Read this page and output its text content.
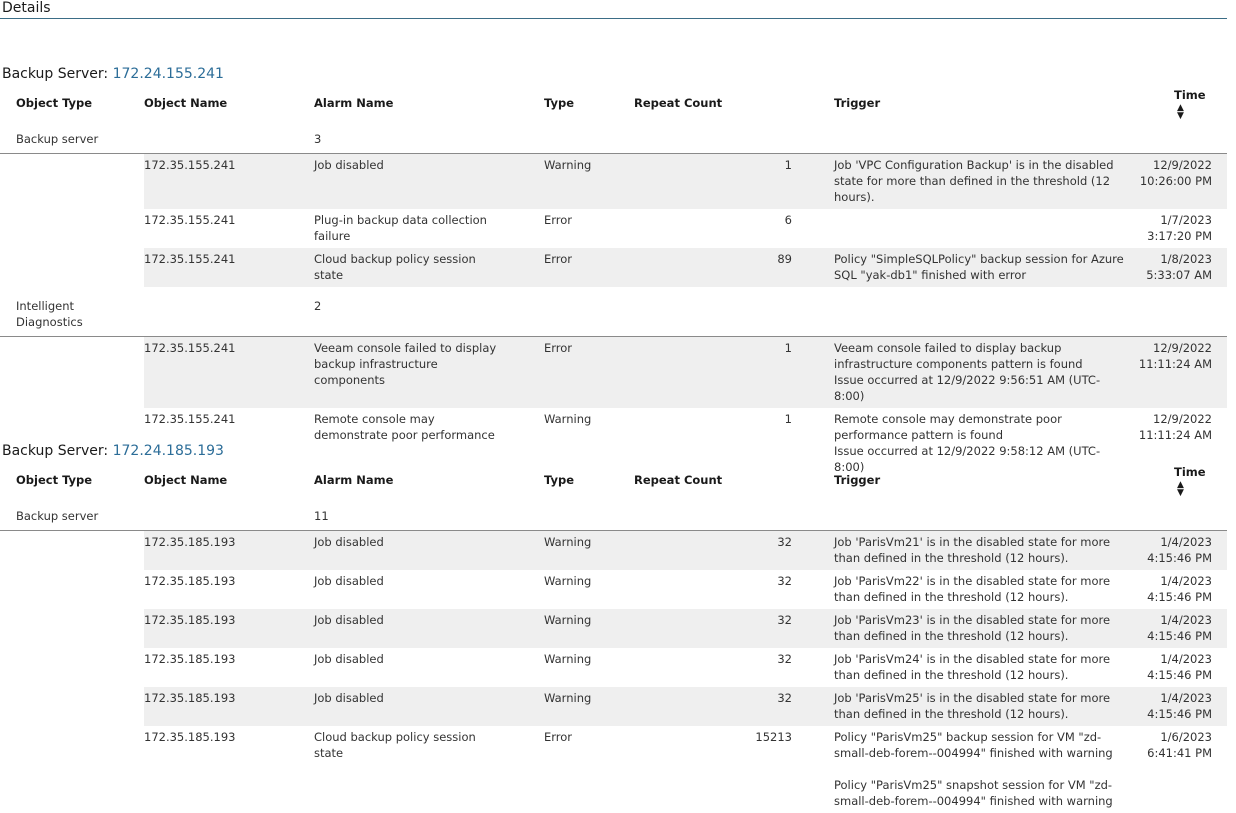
Details
Backup Server: 172.24.155.241
Object Type	Object Name	Alarm Name	Type	Repeat Count	Trigger	Time▲
▼
Backup server		3				
	172.35.155.241	Job disabled	Warning	1	Job 'VPC Configuration Backup' is in the disabled state for more than defined in the threshold (12 hours).	12/9/2022 10:26:00 PM

	172.35.155.241	Plug-in backup data collection failure	Error	6		1/7/2023 3:17:20 PM

	172.35.155.241	Cloud backup policy session state	Error	89	Policy "SimpleSQLPolicy" backup session for Azure SQL "yak-db1" finished with error	1/8/2023 5:33:07 AM

Intelligent Diagnostics		2				
	172.35.155.241	Veeam console failed to display backup infrastructure components	Error	1	Veeam console failed to display backup infrastructure components pattern is found
Issue occurred at 12/9/2022 9:56:51 AM (UTC-8:00)	12/9/2022 11:11:24 AM

	172.35.155.241	Remote console may demonstrate poor performance	Warning	1	Remote console may demonstrate poor performance pattern is found
Issue occurred at 12/9/2022 9:58:12 AM (UTC-8:00)	12/9/2022 11:11:24 AM
Backup Server: 172.24.185.193
Object Type	Object Name	Alarm Name	Type	Repeat Count	Trigger	Time▲
▼
Backup server		11				
	172.35.185.193	Job disabled	Warning	32	Job 'ParisVm21' is in the disabled state for more than defined in the threshold (12 hours).	1/4/2023 4:15:46 PM

	172.35.185.193	Job disabled	Warning	32	Job 'ParisVm22' is in the disabled state for more than defined in the threshold (12 hours).	1/4/2023 4:15:46 PM

	172.35.185.193	Job disabled	Warning	32	Job 'ParisVm23' is in the disabled state for more than defined in the threshold (12 hours).	1/4/2023 4:15:46 PM

	172.35.185.193	Job disabled	Warning	32	Job 'ParisVm24' is in the disabled state for more than defined in the threshold (12 hours).	1/4/2023 4:15:46 PM

	172.35.185.193	Job disabled	Warning	32	Job 'ParisVm25' is in the disabled state for more than defined in the threshold (12 hours).	1/4/2023 4:15:46 PM

	172.35.185.193	Cloud backup policy session state	Error	15213	Policy "ParisVm25" backup session for VM "zd-small-deb-forem--004994" finished with warning
Policy "ParisVm25" snapshot session for VM "zd-small-deb-forem--004994" finished with warning	1/6/2023 6:41:41 PM
